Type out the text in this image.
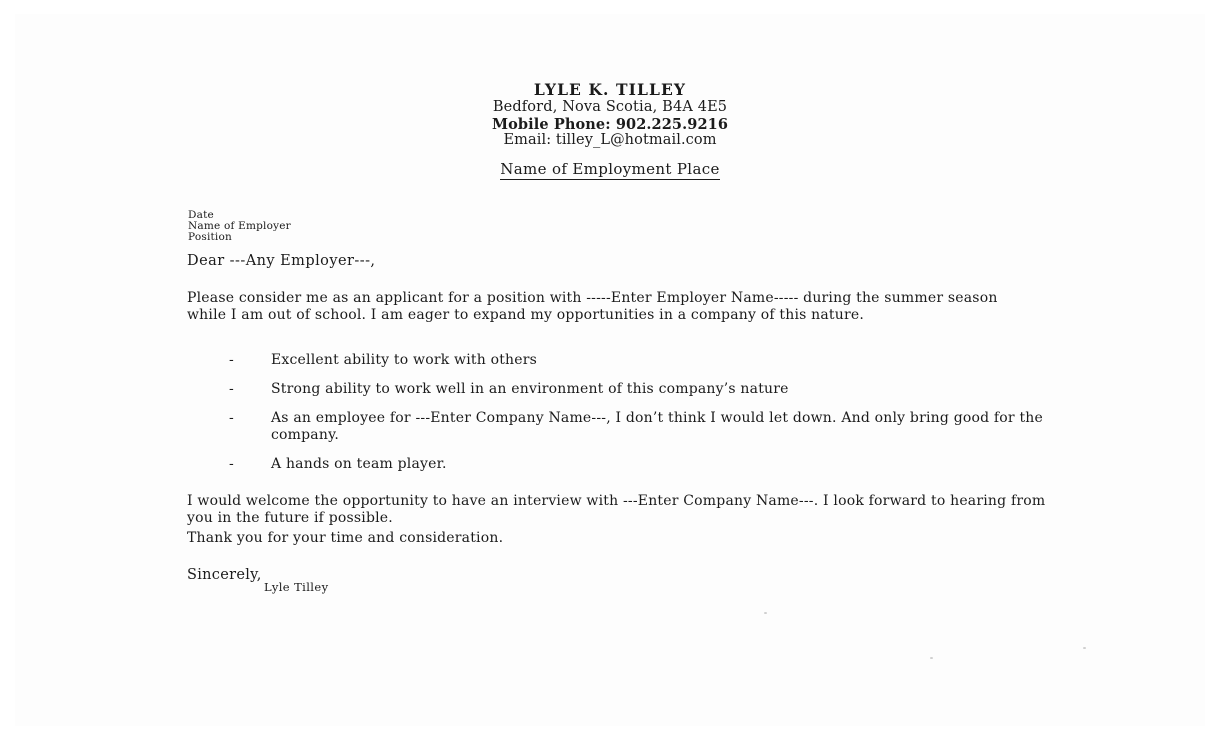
LYLE K. TILLEY
Bedford, Nova Scotia, B4A 4E5
Mobile Phone: 902.225.9216
Email: tilley_L@hotmail.com
Name of Employment Place
Date
Name of Employer
Position
Dear ---Any Employer---,
Please consider me as an applicant for a position with -----Enter Employer Name----- during the summer season while I am out of school. I am eager to expand my opportunities in a company of this nature.
-	Excellent ability to work with others
-	Strong ability to work well in an environment of this company’s nature
-	As an employee for ---Enter Company Name---, I don’t think I would let down. And only bring good for the company.
-	A hands on team player.
I would welcome the opportunity to have an interview with ---Enter Company Name---. I look forward to hearing from you in the future if possible.
Thank you for your time and consideration.
Sincerely,
Lyle Tilley
